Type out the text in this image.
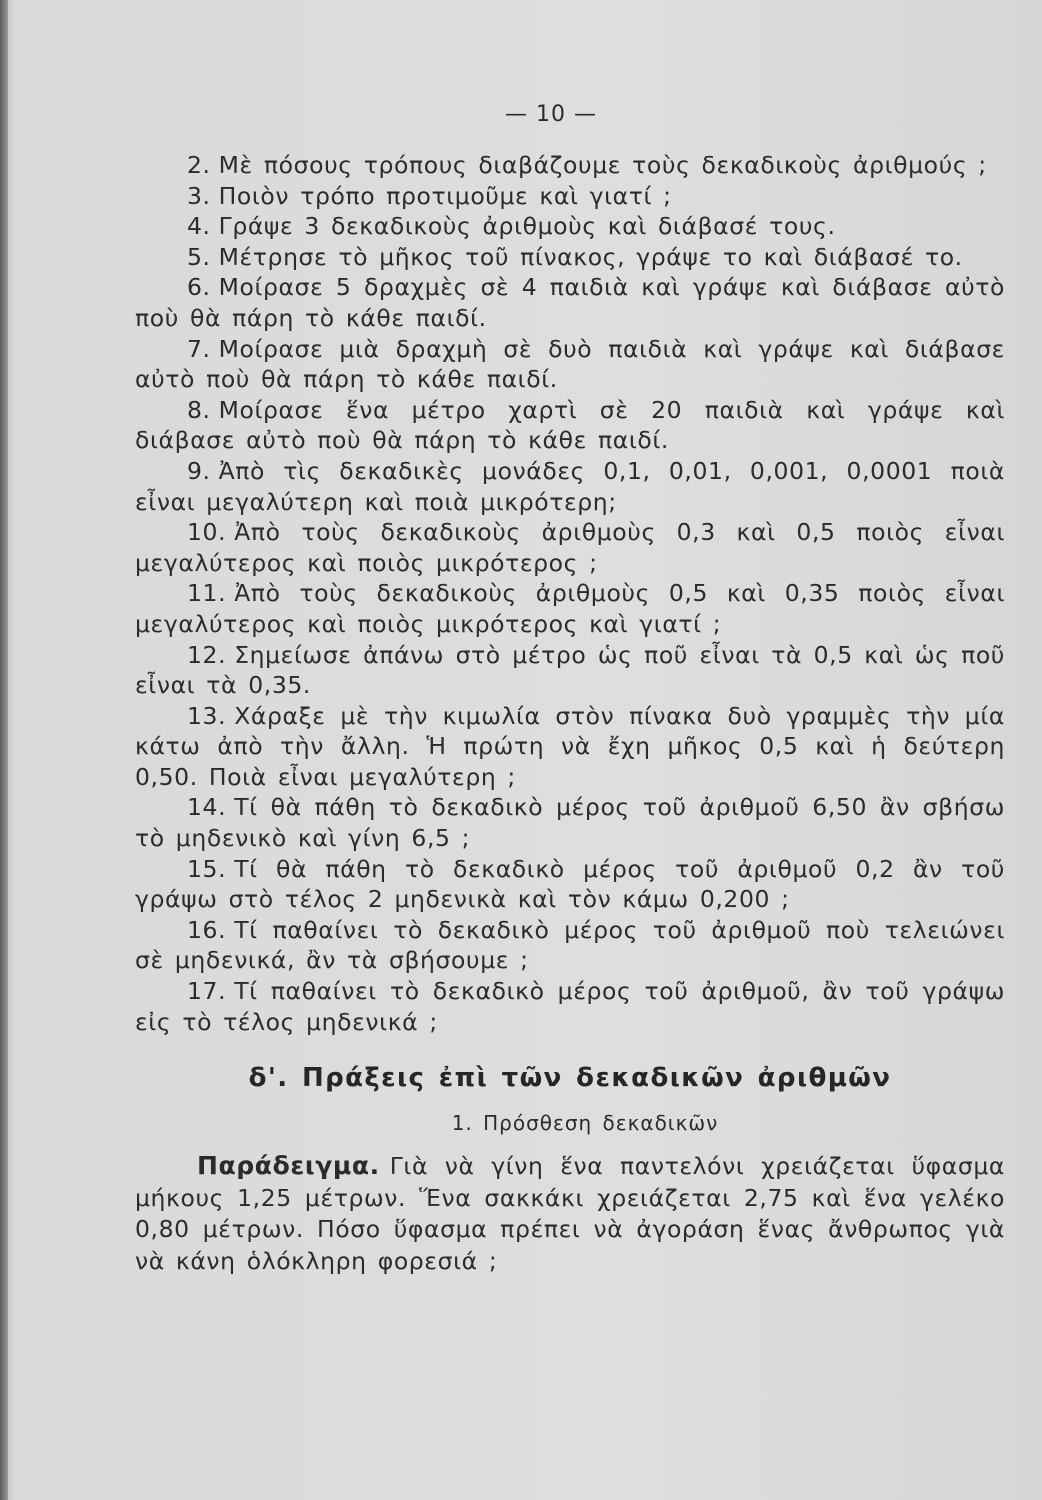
— 10 —

2. Μὲ πόσους τρόπους διαβάζουμε τοὺς δεκαδικοὺς ἀριθμούς ;

3. Ποιὸν τρόπο προτιμοῦμε καὶ γιατί ;

4. Γράψε 3 δεκαδικοὺς ἀριθμοὺς καὶ διάβασέ τους.

5. Μέτρησε τὸ μῆκος τοῦ πίνακος, γράψε το καὶ διάβασέ το.

6. Μοίρασε 5 δραχμὲς σὲ 4 παιδιὰ καὶ γράψε καὶ διάβασε αὐτὸ ποὺ θὰ πάρη τὸ κάθε παιδί.

7. Μοίρασε μιὰ δραχμὴ σὲ δυὸ παιδιὰ καὶ γράψε καὶ διάβασε αὐτὸ ποὺ θὰ πάρη τὸ κάθε παιδί.

8. Μοίρασε ἕνα μέτρο χαρτὶ σὲ 20 παιδιὰ καὶ γράψε καὶ διάβασε αὐτὸ ποὺ θὰ πάρη τὸ κάθε παιδί.

9. Ἀπὸ τὶς δεκαδικὲς μονάδες 0,1, 0,01, 0,001, 0,0001 ποιὰ εἶναι μεγαλύτερη καὶ ποιὰ μικρότερη;

10. Ἀπὸ τοὺς δεκαδικοὺς ἀριθμοὺς 0,3 καὶ 0,5 ποιὸς εἶναι μεγαλύτερος καὶ ποιὸς μικρότερος ;

11. Ἀπὸ τοὺς δεκαδικοὺς ἀριθμοὺς 0,5 καὶ 0,35 ποιὸς εἶναι μεγαλύτερος καὶ ποιὸς μικρότερος καὶ γιατί ;

12. Σημείωσε ἀπάνω στὸ μέτρο ὡς ποῦ εἶναι τὰ 0,5 καὶ ὡς ποῦ εἶναι τὰ 0,35.

13. Χάραξε μὲ τὴν κιμωλία στὸν πίνακα δυὸ γραμμὲς τὴν μία κάτω ἀπὸ τὴν ἄλλη. Ἡ πρώτη νὰ ἔχη μῆκος 0,5 καὶ ἡ δεύτερη 0,50. Ποιὰ εἶναι μεγαλύτερη ;

14. Τί θὰ πάθη τὸ δεκαδικὸ μέρος τοῦ ἀριθμοῦ 6,50 ἂν σβήσω τὸ μηδενικὸ καὶ γίνη 6,5 ;

15. Τί θὰ πάθη τὸ δεκαδικὸ μέρος τοῦ ἀριθμοῦ 0,2 ἂν τοῦ γράψω στὸ τέλος 2 μηδενικὰ καὶ τὸν κάμω 0,200 ;

16. Τί παθαίνει τὸ δεκαδικὸ μέρος τοῦ ἀριθμοῦ ποὺ τελειώνει σὲ μηδενικά, ἂν τὰ σβήσουμε ;

17. Τί παθαίνει τὸ δεκαδικὸ μέρος τοῦ ἀριθμοῦ, ἂν τοῦ γράψω εἰς τὸ τέλος μηδενικά ;

δ'. Πράξεις ἐπὶ τῶν δεκαδικῶν ἀριθμῶν
1. Πρόσθεση δεκαδικῶν

Παράδειγμα. Γιὰ νὰ γίνη ἕνα παντελόνι χρειάζεται ὕφασμα μήκους 1,25 μέτρων. Ἕνα σακκάκι χρειάζεται 2,75 καὶ ἕνα γελέκο 0,80 μέτρων. Πόσο ὕφασμα πρέπει νὰ ἀγοράση ἕνας ἄνθρωπος γιὰ νὰ κάνη ὁλόκληρη φορεσιά ;
